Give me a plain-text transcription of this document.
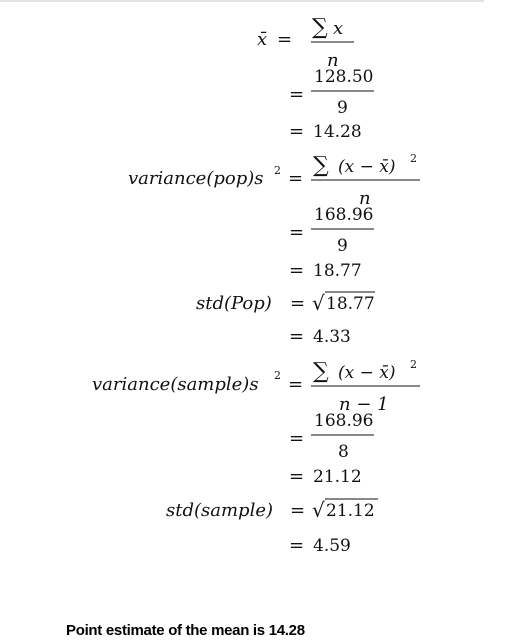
x̄ = ∑ x
n
=
128.50
9
= 14.28
variance(pop)s 2 =
∑ (x − x̄) 2
n
=
168.96
9
= 18.77
std(Pop) = √ 18.77
= 4.33
variance(sample)s 2 =
∑ (x − x̄) 2
n − 1
=
168.96
8
= 21.12
std(sample) = √ 21.12
= 4.59
Point estimate of the mean is 14.28
